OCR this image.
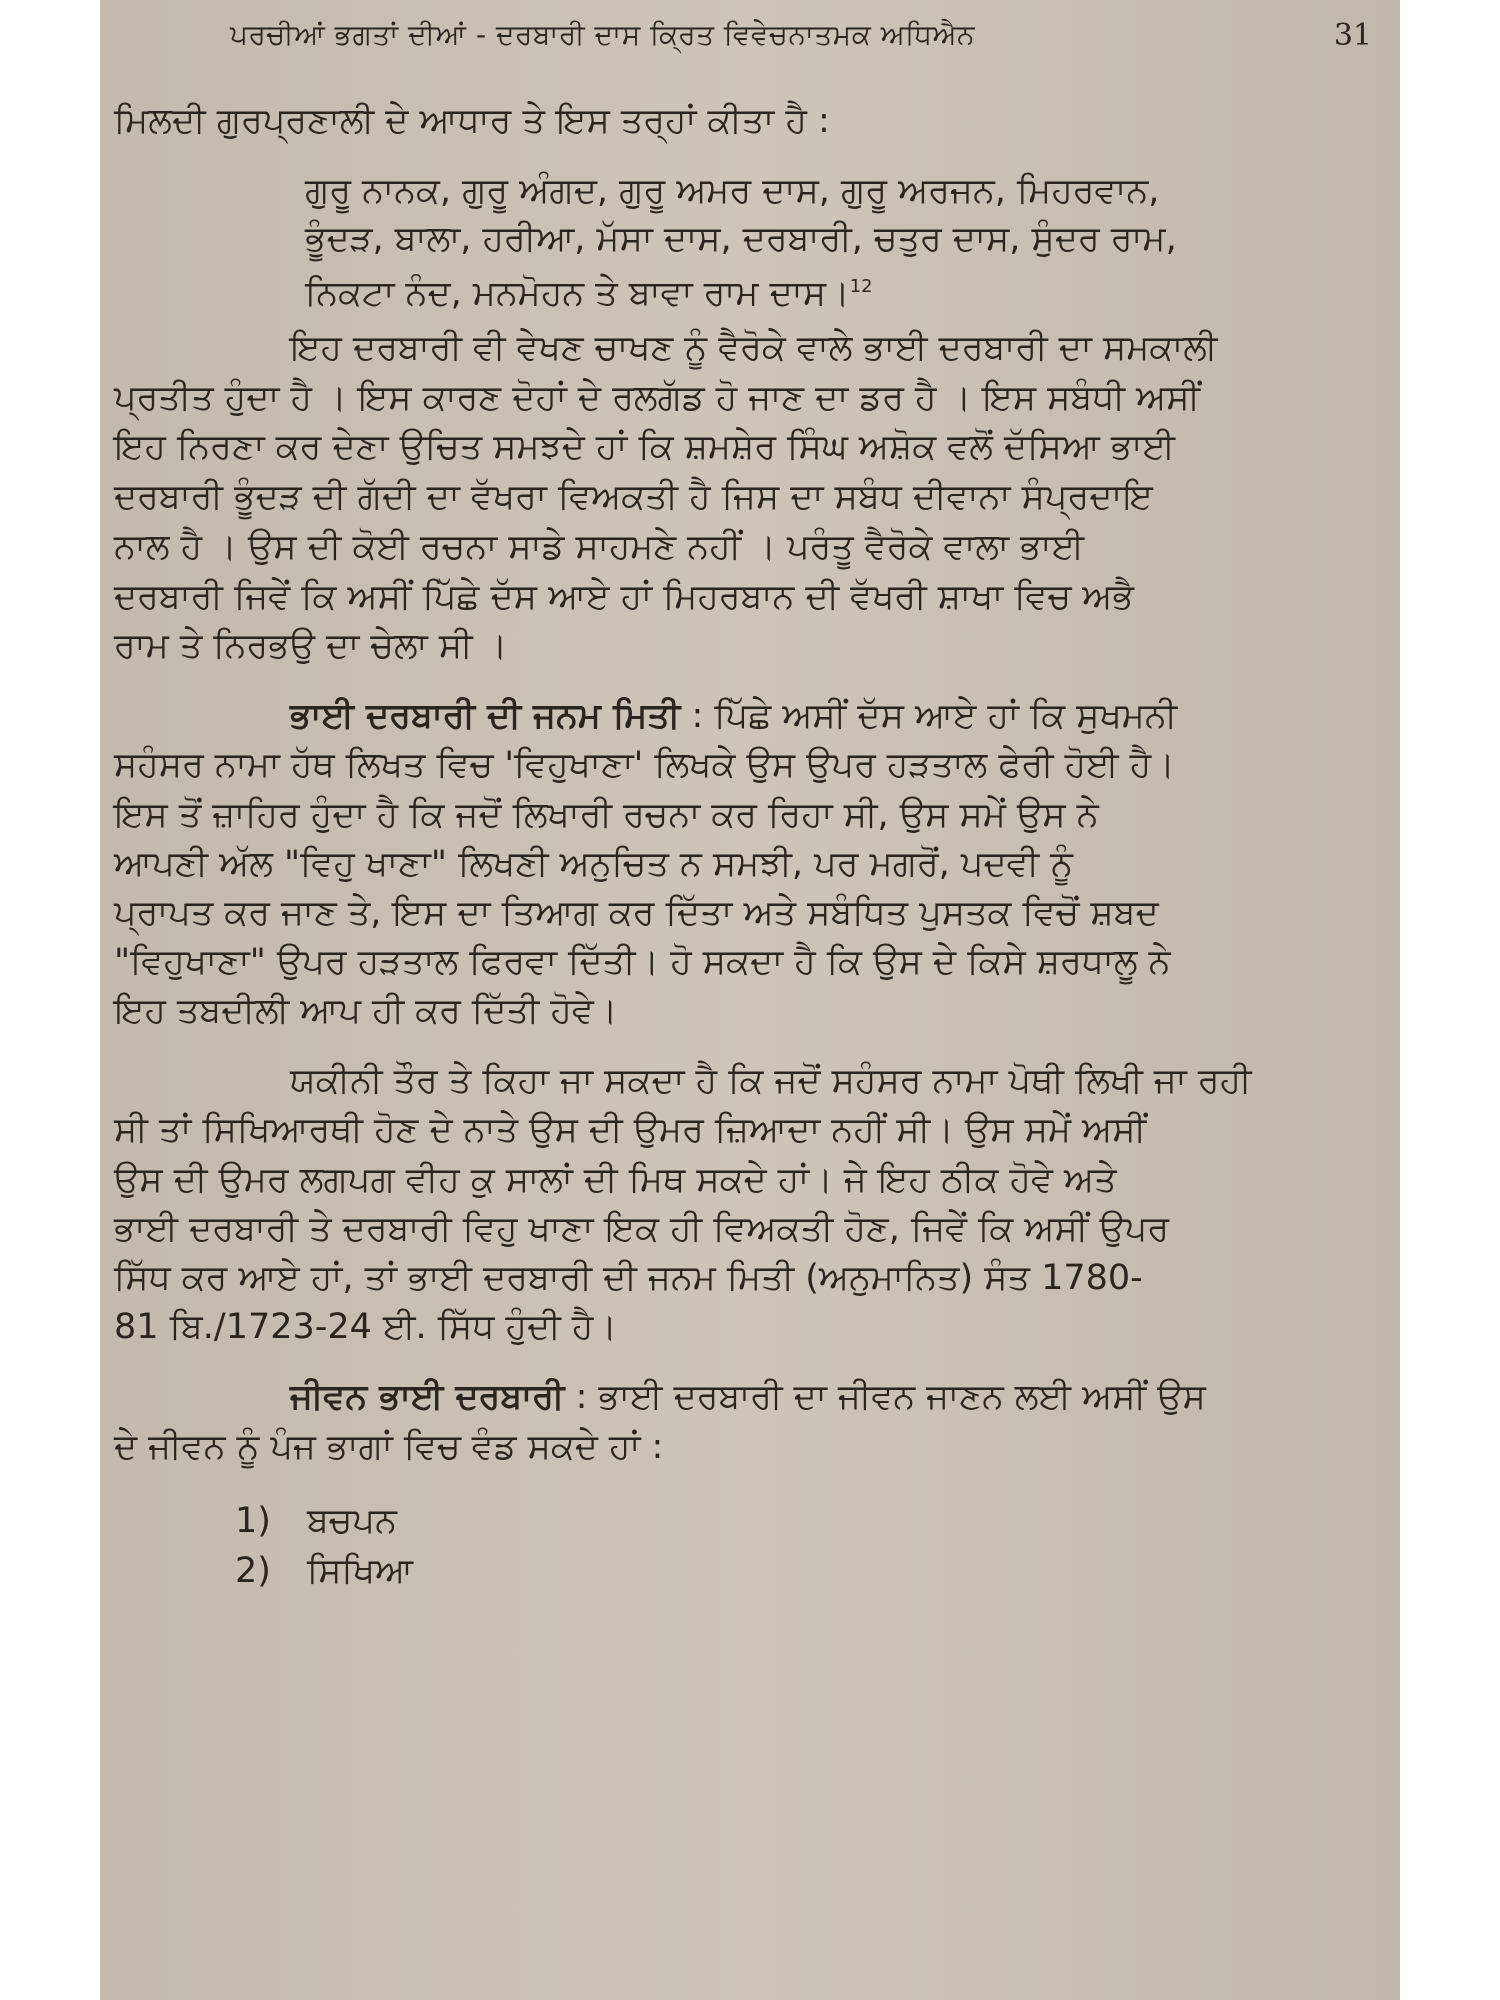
ਪਰਚੀਆਂ ਭਗਤਾਂ ਦੀਆਂ - ਦਰਬਾਰੀ ਦਾਸ ਕ੍ਰਿਤ ਵਿਵੇਚਨਾਤਮਕ ਅਧਿਐਨ	31
ਮਿਲਦੀ ਗੁਰਪ੍ਰਣਾਲੀ ਦੇ ਆਧਾਰ ਤੇ ਇਸ ਤਰ੍ਹਾਂ ਕੀਤਾ ਹੈ :
ਗੁਰੂ ਨਾਨਕ, ਗੁਰੂ ਅੰਗਦ, ਗੁਰੂ ਅਮਰ ਦਾਸ, ਗੁਰੂ ਅਰਜਨ, ਮਿਹਰਵਾਨ,
ਭੂੰਦੜ, ਬਾਲਾ, ਹਰੀਆ, ਮੱਸਾ ਦਾਸ, ਦਰਬਾਰੀ, ਚਤੁਰ ਦਾਸ, ਸੁੰਦਰ ਰਾਮ,
ਨਿਕਟਾ ਨੰਦ, ਮਨਮੋਹਨ ਤੇ ਬਾਵਾ ਰਾਮ ਦਾਸ।$^{12}$
ਇਹ ਦਰਬਾਰੀ ਵੀ ਵੇਖਣ ਚਾਖਣ ਨੂੰ ਵੈਰੋਕੇ ਵਾਲੇ ਭਾਈ ਦਰਬਾਰੀ ਦਾ ਸਮਕਾਲੀ
ਪ੍ਰਤੀਤ ਹੁੰਦਾ ਹੈ । ਇਸ ਕਾਰਣ ਦੋਹਾਂ ਦੇ ਰਲਗੱਡ ਹੋ ਜਾਣ ਦਾ ਡਰ ਹੈ । ਇਸ ਸਬੰਧੀ ਅਸੀਂ
ਇਹ ਨਿਰਣਾ ਕਰ ਦੇਣਾ ਉਚਿਤ ਸਮਝਦੇ ਹਾਂ ਕਿ ਸ਼ਮਸ਼ੇਰ ਸਿੰਘ ਅਸ਼ੋਕ ਵਲੋਂ ਦੱਸਿਆ ਭਾਈ
ਦਰਬਾਰੀ ਭੂੰਦੜ ਦੀ ਗੱਦੀ ਦਾ ਵੱਖਰਾ ਵਿਅਕਤੀ ਹੈ ਜਿਸ ਦਾ ਸਬੰਧ ਦੀਵਾਨਾ ਸੰਪ੍ਰਦਾਇ
ਨਾਲ ਹੈ । ਉਸ ਦੀ ਕੋਈ ਰਚਨਾ ਸਾਡੇ ਸਾਹਮਣੇ ਨਹੀਂ । ਪਰੰਤੂ ਵੈਰੋਕੇ ਵਾਲਾ ਭਾਈ
ਦਰਬਾਰੀ ਜਿਵੇਂ ਕਿ ਅਸੀਂ ਪਿੱਛੇ ਦੱਸ ਆਏ ਹਾਂ ਮਿਹਰਬਾਨ ਦੀ ਵੱਖਰੀ ਸ਼ਾਖਾ ਵਿਚ ਅਭੈ
ਰਾਮ ਤੇ ਨਿਰਭਉ ਦਾ ਚੇਲਾ ਸੀ ।
ਭਾਈ ਦਰਬਾਰੀ ਦੀ ਜਨਮ ਮਿਤੀ : ਪਿੱਛੇ ਅਸੀਂ ਦੱਸ ਆਏ ਹਾਂ ਕਿ ਸੁਖਮਨੀ
ਸਹੰਸਰ ਨਾਮਾ ਹੱਥ ਲਿਖਤ ਵਿਚ 'ਵਿਹੁਖਾਣਾ' ਲਿਖਕੇ ਉਸ ਉਪਰ ਹੜਤਾਲ ਫੇਰੀ ਹੋਈ ਹੈ।
ਇਸ ਤੋਂ ਜ਼ਾਹਿਰ ਹੁੰਦਾ ਹੈ ਕਿ ਜਦੋਂ ਲਿਖਾਰੀ ਰਚਨਾ ਕਰ ਰਿਹਾ ਸੀ, ਉਸ ਸਮੇਂ ਉਸ ਨੇ
ਆਪਣੀ ਅੱਲ "ਵਿਹੁ ਖਾਣਾ" ਲਿਖਣੀ ਅਨੁਚਿਤ ਨ ਸਮਝੀ, ਪਰ ਮਗਰੋਂ, ਪਦਵੀ ਨੂੰ
ਪ੍ਰਾਪਤ ਕਰ ਜਾਣ ਤੇ, ਇਸ ਦਾ ਤਿਆਗ ਕਰ ਦਿੱਤਾ ਅਤੇ ਸਬੰਧਿਤ ਪੁਸਤਕ ਵਿਚੋਂ ਸ਼ਬਦ
"ਵਿਹੁਖਾਣਾ" ਉਪਰ ਹੜਤਾਲ ਫਿਰਵਾ ਦਿੱਤੀ। ਹੋ ਸਕਦਾ ਹੈ ਕਿ ਉਸ ਦੇ ਕਿਸੇ ਸ਼ਰਧਾਲੂ ਨੇ
ਇਹ ਤਬਦੀਲੀ ਆਪ ਹੀ ਕਰ ਦਿੱਤੀ ਹੋਵੇ।
ਯਕੀਨੀ ਤੌਰ ਤੇ ਕਿਹਾ ਜਾ ਸਕਦਾ ਹੈ ਕਿ ਜਦੋਂ ਸਹੰਸਰ ਨਾਮਾ ਪੋਥੀ ਲਿਖੀ ਜਾ ਰਹੀ
ਸੀ ਤਾਂ ਸਿਖਿਆਰਥੀ ਹੋਣ ਦੇ ਨਾਤੇ ਉਸ ਦੀ ਉਮਰ ਜ਼ਿਆਦਾ ਨਹੀਂ ਸੀ। ਉਸ ਸਮੇਂ ਅਸੀਂ
ਉਸ ਦੀ ਉਮਰ ਲਗਪਗ ਵੀਹ ਕੁ ਸਾਲਾਂ ਦੀ ਮਿਥ ਸਕਦੇ ਹਾਂ। ਜੇ ਇਹ ਠੀਕ ਹੋਵੇ ਅਤੇ
ਭਾਈ ਦਰਬਾਰੀ ਤੇ ਦਰਬਾਰੀ ਵਿਹੁ ਖਾਣਾ ਇਕ ਹੀ ਵਿਅਕਤੀ ਹੋਣ, ਜਿਵੇਂ ਕਿ ਅਸੀਂ ਉਪਰ
ਸਿੱਧ ਕਰ ਆਏ ਹਾਂ, ਤਾਂ ਭਾਈ ਦਰਬਾਰੀ ਦੀ ਜਨਮ ਮਿਤੀ (ਅਨੁਮਾਨਿਤ) ਸੰਤ 1780-
81 ਬਿ./1723-24 ਈ. ਸਿੱਧ ਹੁੰਦੀ ਹੈ।
ਜੀਵਨ ਭਾਈ ਦਰਬਾਰੀ : ਭਾਈ ਦਰਬਾਰੀ ਦਾ ਜੀਵਨ ਜਾਣਨ ਲਈ ਅਸੀਂ ਉਸ
ਦੇ ਜੀਵਨ ਨੂੰ ਪੰਜ ਭਾਗਾਂ ਵਿਚ ਵੰਡ ਸਕਦੇ ਹਾਂ :
1) ਬਚਪਨ
2) ਸਿਖਿਆ
